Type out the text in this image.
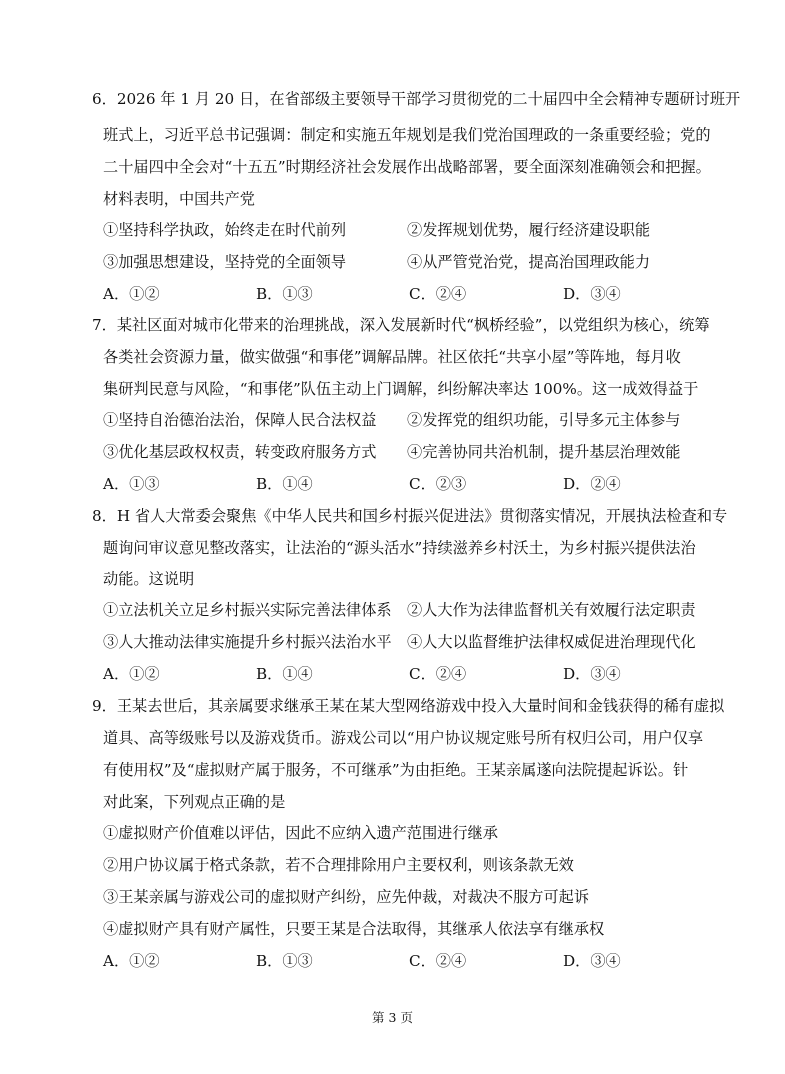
6．2026 年 1 月 20 日，在省部级主要领导干部学习贯彻党的二十届四中全会精神专题研讨班开
班式上，习近平总书记强调：制定和实施五年规划是我们党治国理政的一条重要经验；党的
二十届四中全会对“十五五”时期经济社会发展作出战略部署，要全面深刻准确领会和把握。
材料表明，中国共产党
①坚持科学执政，始终走在时代前列	②发挥规划优势，履行经济建设职能
③加强思想建设，坚持党的全面领导	④从严管党治党，提高治国理政能力
A．①②	B．①③	C．②④	D．③④
7．某社区面对城市化带来的治理挑战，深入发展新时代“枫桥经验”，以党组织为核心，统筹
各类社会资源力量，做实做强“和事佬”调解品牌。社区依托“共享小屋”等阵地，每月收
集研判民意与风险，“和事佬”队伍主动上门调解，纠纷解决率达 100%。这一成效得益于
①坚持自治德治法治，保障人民合法权益 ②发挥党的组织功能，引导多元主体参与
③优化基层政权权责，转变政府服务方式 ④完善协同共治机制，提升基层治理效能
A．①③	B．①④	C．②③	D．②④
8．H 省人大常委会聚焦《中华人民共和国乡村振兴促进法》贯彻落实情况，开展执法检查和专
题询问审议意见整改落实，让法治的“源头活水”持续滋养乡村沃土，为乡村振兴提供法治
动能。这说明
①立法机关立足乡村振兴实际完善法律体系 ②人大作为法律监督机关有效履行法定职责
③人大推动法律实施提升乡村振兴法治水平 ④人大以监督维护法律权威促进治理现代化
A．①②	B．①④	C．②④	D．③④
9．王某去世后，其亲属要求继承王某在某大型网络游戏中投入大量时间和金钱获得的稀有虚拟
道具、高等级账号以及游戏货币。游戏公司以“用户协议规定账号所有权归公司，用户仅享
有使用权”及“虚拟财产属于服务，不可继承”为由拒绝。王某亲属遂向法院提起诉讼。针
对此案，下列观点正确的是
①虚拟财产价值难以评估，因此不应纳入遗产范围进行继承
②用户协议属于格式条款，若不合理排除用户主要权利，则该条款无效
③王某亲属与游戏公司的虚拟财产纠纷，应先仲裁，对裁决不服方可起诉
④虚拟财产具有财产属性，只要王某是合法取得，其继承人依法享有继承权
A．①②	B．①③	C．②④	D．③④
第 3 页
